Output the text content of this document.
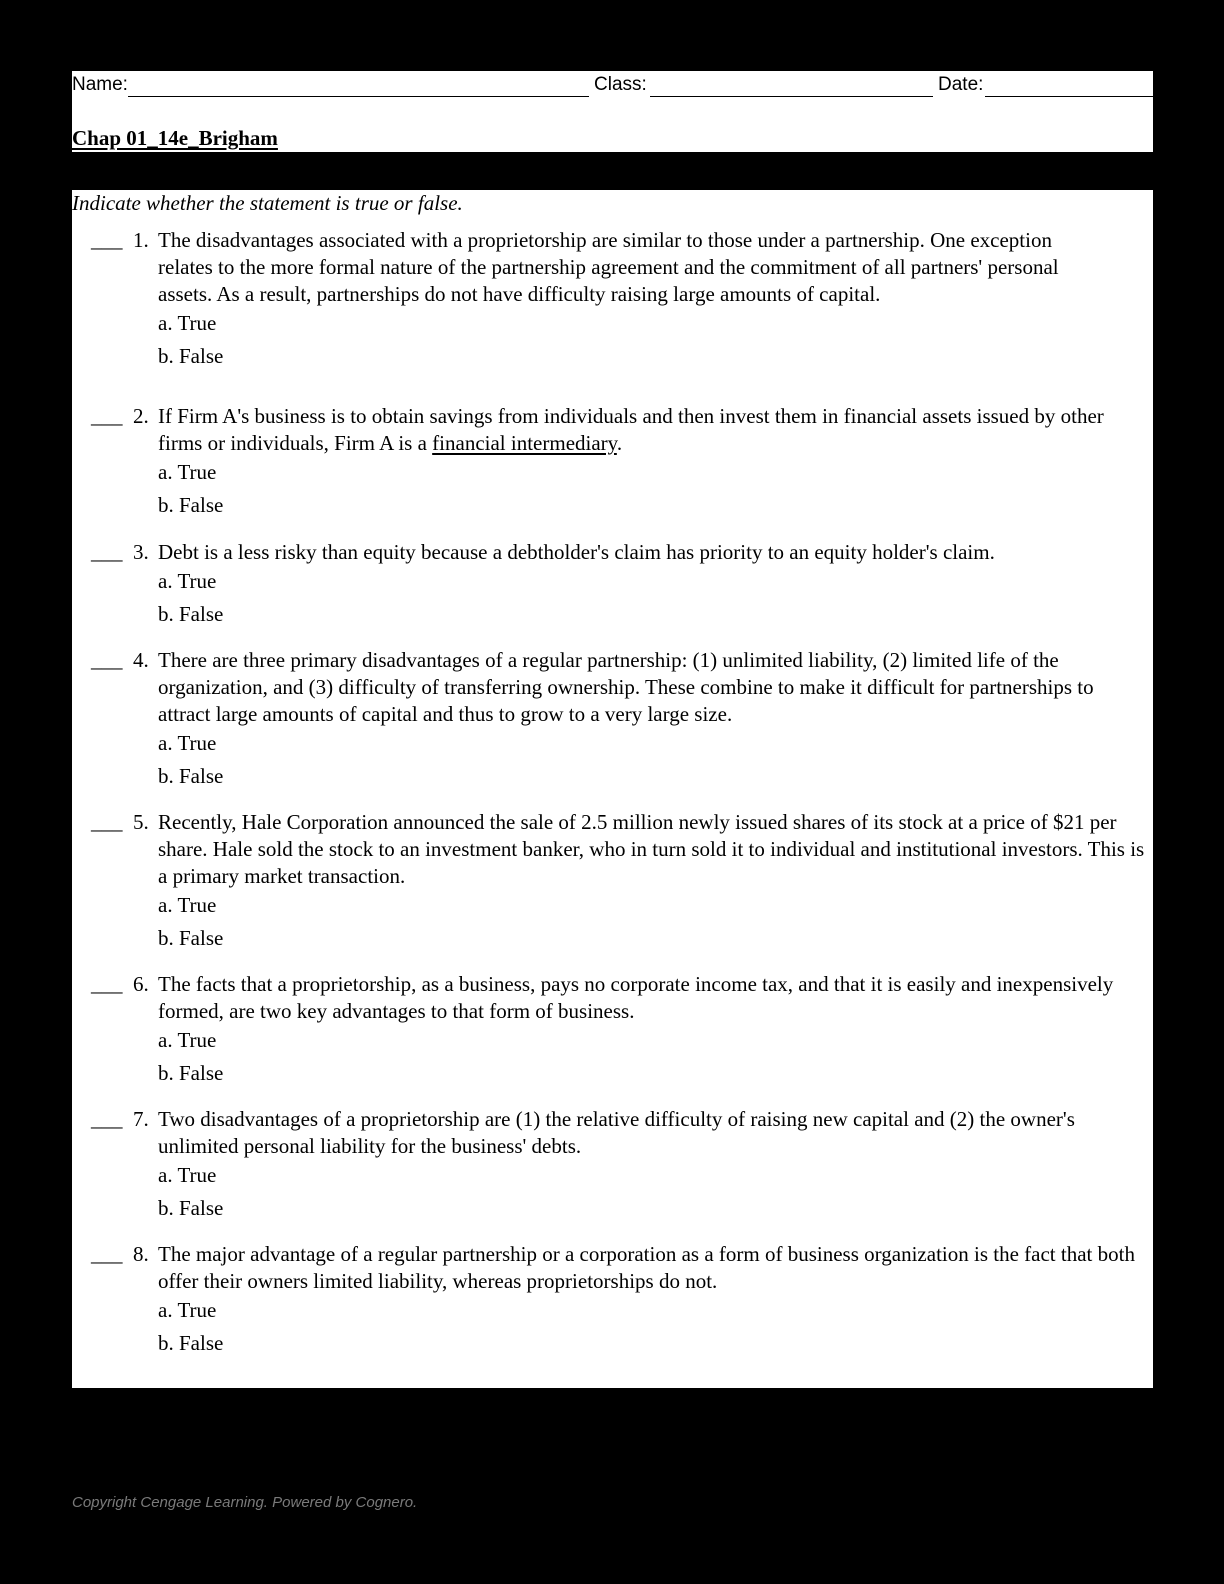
Name:	Class:	Date:
Chap 01_14e_Brigham
Indicate whether the statement is true or false.
___ 1. The disadvantages associated with a proprietorship are similar to those under a partnership. One exception relates to the more formal nature of the partnership agreement and the commitment of all partners' personal assets. As a result, partnerships do not have difficulty raising large amounts of capital.
a. True
b. False
___ 2. If Firm A's business is to obtain savings from individuals and then invest them in financial assets issued by other firms or individuals, Firm A is a financial intermediary.
a. True
b. False
___ 3. Debt is a less risky than equity because a debtholder's claim has priority to an equity holder's claim.
a. True
b. False
___ 4. There are three primary disadvantages of a regular partnership: (1) unlimited liability, (2) limited life of the organization, and (3) difficulty of transferring ownership. These combine to make it difficult for partnerships to attract large amounts of capital and thus to grow to a very large size.
a. True
b. False
___ 5. Recently, Hale Corporation announced the sale of 2.5 million newly issued shares of its stock at a price of $21 per share. Hale sold the stock to an investment banker, who in turn sold it to individual and institutional investors. This is a primary market transaction.
a. True
b. False
___ 6. The facts that a proprietorship, as a business, pays no corporate income tax, and that it is easily and inexpensively formed, are two key advantages to that form of business.
a. True
b. False
___ 7. Two disadvantages of a proprietorship are (1) the relative difficulty of raising new capital and (2) the owner's unlimited personal liability for the business' debts.
a. True
b. False
___ 8. The major advantage of a regular partnership or a corporation as a form of business organization is the fact that both offer their owners limited liability, whereas proprietorships do not.
a. True
b. False
Copyright Cengage Learning. Powered by Cognero.
